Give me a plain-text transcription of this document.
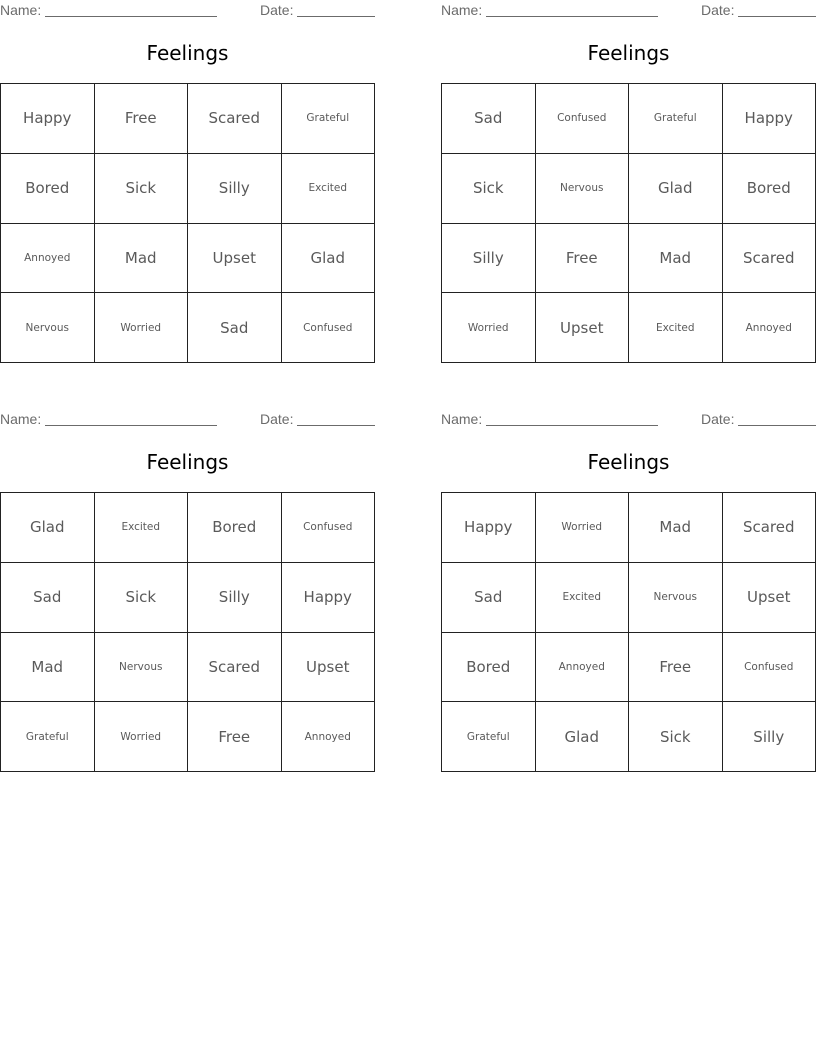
Name:	Date:
Feelings
Happy	Free	Scared	Grateful
Bored	Sick	Silly	Excited
Annoyed	Mad	Upset	Glad
Nervous	Worried	Sad	Confused
Name:	Date:
Feelings
Sad	Confused	Grateful	Happy
Sick	Nervous	Glad	Bored
Silly	Free	Mad	Scared
Worried	Upset	Excited	Annoyed
Name:	Date:
Feelings
Glad	Excited	Bored	Confused
Sad	Sick	Silly	Happy
Mad	Nervous	Scared	Upset
Grateful	Worried	Free	Annoyed
Name:	Date:
Feelings
Happy	Worried	Mad	Scared
Sad	Excited	Nervous	Upset
Bored	Annoyed	Free	Confused
Grateful	Glad	Sick	Silly
